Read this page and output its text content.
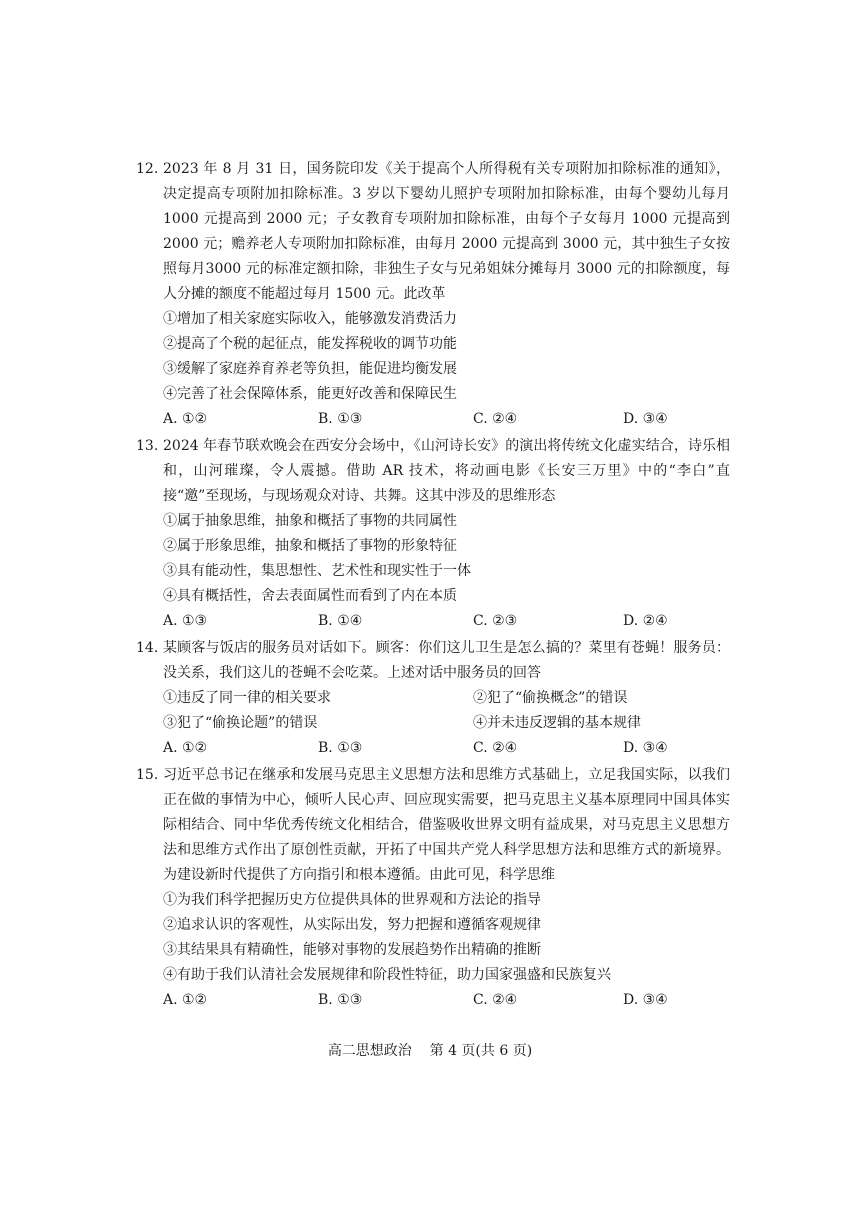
12. 2023 年 8 月 31 日，国务院印发《关于提高个人所得税有关专项附加扣除标准的通知》，决定提高专项附加扣除标准。3 岁以下婴幼儿照护专项附加扣除标准，由每个婴幼儿每月 1000 元提高到 2000 元；子女教育专项附加扣除标准，由每个子女每月 1000 元提高到 2000 元；赡养老人专项附加扣除标准，由每月 2000 元提高到 3000 元，其中独生子女按照每月3000 元的标准定额扣除，非独生子女与兄弟姐妹分摊每月 3000 元的扣除额度，每人分摊的额度不能超过每月 1500 元。此改革
①增加了相关家庭实际收入，能够激发消费活力
②提高了个税的起征点，能发挥税收的调节功能
③缓解了家庭养育养老等负担，能促进均衡发展
④完善了社会保障体系，能更好改善和保障民生
A. ①②	B. ①③	C. ②④	D. ③④
13. 2024 年春节联欢晚会在西安分会场中，《山河诗长安》的演出将传统文化虚实结合，诗乐相和，山河璀璨，令人震撼。借助 AR 技术，将动画电影《长安三万里》中的“李白”直接“邀”至现场，与现场观众对诗、共舞。这其中涉及的思维形态
①属于抽象思维，抽象和概括了事物的共同属性
②属于形象思维，抽象和概括了事物的形象特征
③具有能动性，集思想性、艺术性和现实性于一体
④具有概括性，舍去表面属性而看到了内在本质
A. ①③	B. ①④	C. ②③	D. ②④
14. 某顾客与饭店的服务员对话如下。顾客：你们这儿卫生是怎么搞的？菜里有苍蝇！服务员：没关系，我们这儿的苍蝇不会吃菜。上述对话中服务员的回答
①违反了同一律的相关要求	②犯了“偷换概念”的错误
③犯了“偷换论题”的错误	④并未违反逻辑的基本规律
A. ①②	B. ①③	C. ②④	D. ③④
15. 习近平总书记在继承和发展马克思主义思想方法和思维方式基础上，立足我国实际，以我们正在做的事情为中心，倾听人民心声、回应现实需要，把马克思主义基本原理同中国具体实际相结合、同中华优秀传统文化相结合，借鉴吸收世界文明有益成果，对马克思主义思想方法和思维方式作出了原创性贡献，开拓了中国共产党人科学思想方法和思维方式的新境界。为建设新时代提供了方向指引和根本遵循。由此可见，科学思维
①为我们科学把握历史方位提供具体的世界观和方法论的指导
②追求认识的客观性，从实际出发，努力把握和遵循客观规律
③其结果具有精确性，能够对事物的发展趋势作出精确的推断
④有助于我们认清社会发展规律和阶段性特征，助力国家强盛和民族复兴
A. ①②	B. ①③	C. ②④	D. ③④
高二思想政治 第 4 页(共 6 页)
